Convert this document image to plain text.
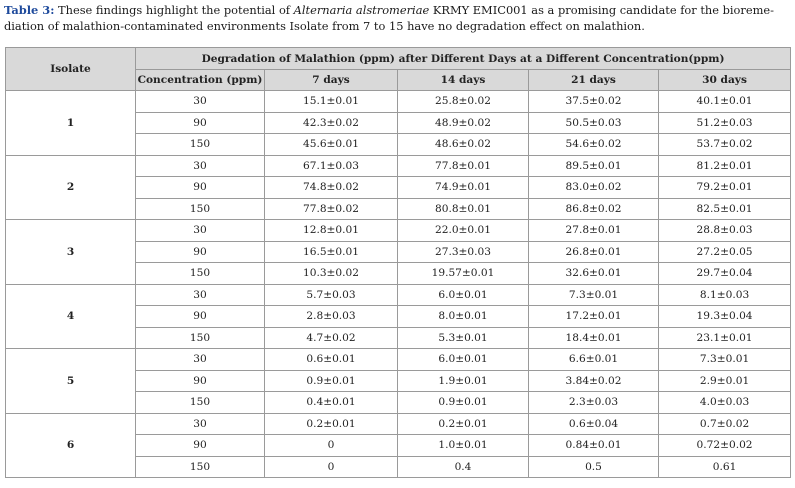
Table 3: These findings highlight the potential of Alternaria alstromeriae KRMY EMIC001 as a promising candidate for the bioreme-diation of malathion-contaminated environments Isolate from 7 to 15 have no degradation effect on malathion.
Isolate	Degradation of Malathion (ppm) after Different Days at a Different Concentration(ppm)				
	Concentration (ppm)	7 days	14 days	21 days	30 days
1	30	15.1±0.01	25.8±0.02	37.5±0.02	40.1±0.01
	90	42.3±0.02	48.9±0.02	50.5±0.03	51.2±0.03
	150	45.6±0.01	48.6±0.02	54.6±0.02	53.7±0.02
2	30	67.1±0.03	77.8±0.01	89.5±0.01	81.2±0.01
	90	74.8±0.02	74.9±0.01	83.0±0.02	79.2±0.01
	150	77.8±0.02	80.8±0.01	86.8±0.02	82.5±0.01
3	30	12.8±0.01	22.0±0.01	27.8±0.01	28.8±0.03
	90	16.5±0.01	27.3±0.03	26.8±0.01	27.2±0.05
	150	10.3±0.02	19.57±0.01	32.6±0.01	29.7±0.04
4	30	5.7±0.03	6.0±0.01	7.3±0.01	8.1±0.03
	90	2.8±0.03	8.0±0.01	17.2±0.01	19.3±0.04
	150	4.7±0.02	5.3±0.01	18.4±0.01	23.1±0.01
5	30	0.6±0.01	6.0±0.01	6.6±0.01	7.3±0.01
	90	0.9±0.01	1.9±0.01	3.84±0.02	2.9±0.01
	150	0.4±0.01	0.9±0.01	2.3±0.03	4.0±0.03
6	30	0.2±0.01	0.2±0.01	0.6±0.04	0.7±0.02
	90	0	1.0±0.01	0.84±0.01	0.72±0.02
	150	0	0.4	0.5	0.61
